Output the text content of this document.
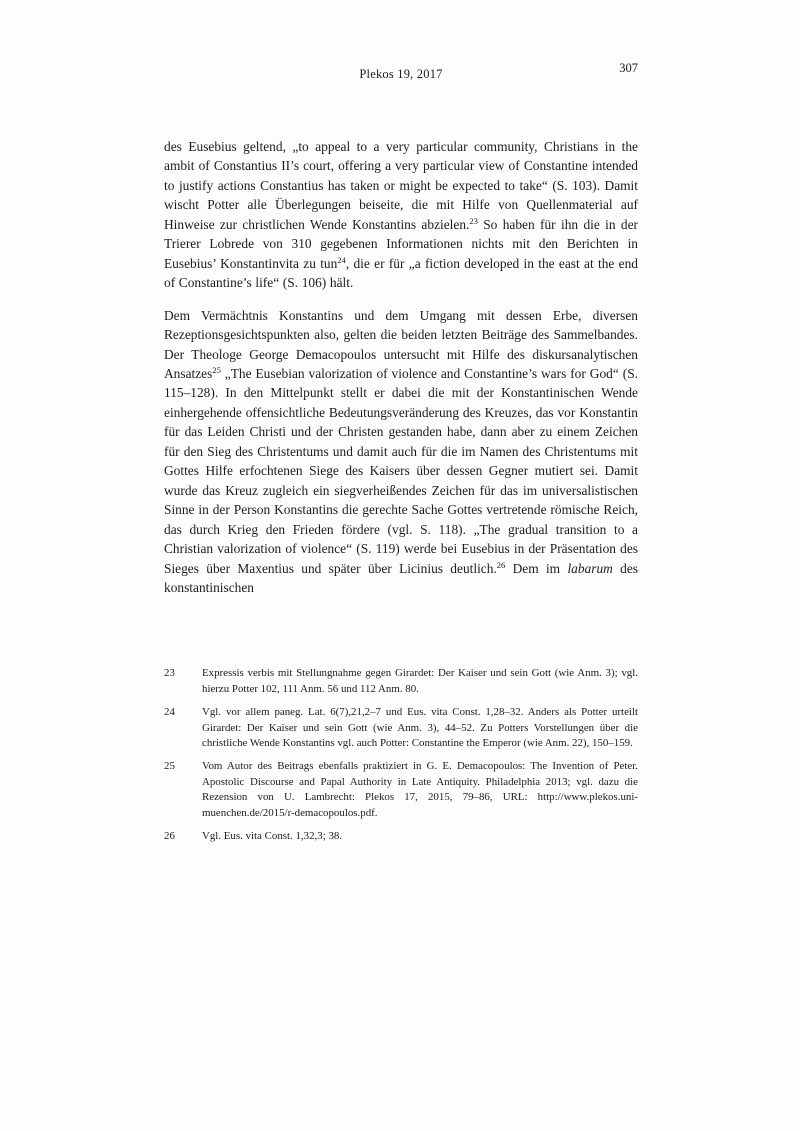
307
Plekos 19, 2017

des Eusebius geltend, „to appeal to a very particular community, Christians in the ambit of Constantius II’s court, offering a very particular view of Constantine intended to justify actions Constantius has taken or might be expected to take“ (S. 103). Damit wischt Potter alle Überlegungen beiseite, die mit Hilfe von Quellenmaterial auf Hinweise zur christlichen Wende Konstantins abzielen.$^{23}$ So haben für ihn die in der Trierer Lobrede von 310 gegebenen Informationen nichts mit den Berichten in Eusebius’ Konstantinvita zu tun$^{24}$, die er für „a fiction developed in the east at the end of Constantine’s life“ (S. 106) hält.

Dem Vermächtnis Konstantins und dem Umgang mit dessen Erbe, diversen Rezeptionsgesichtspunkten also, gelten die beiden letzten Beiträge des Sammelbandes. Der Theologe George Demacopoulos untersucht mit Hilfe des diskursanalytischen Ansatzes$^{25}$ „The Eusebian valorization of violence and Constantine’s wars for God“ (S. 115–128). In den Mittelpunkt stellt er dabei die mit der Konstantinischen Wende einhergehende offensichtliche Bedeutungsveränderung des Kreuzes, das vor Konstantin für das Leiden Christi und der Christen gestanden habe, dann aber zu einem Zeichen für den Sieg des Christentums und damit auch für die im Namen des Christentums mit Gottes Hilfe erfochtenen Siege des Kaisers über dessen Gegner mutiert sei. Damit wurde das Kreuz zugleich ein siegverheißendes Zeichen für das im universalistischen Sinne in der Person Konstantins die gerechte Sache Gottes vertretende römische Reich, das durch Krieg den Frieden fördere (vgl. S. 118). „The gradual transition to a Christian valorization of violence“ (S. 119) werde bei Eusebius in der Präsentation des Sieges über Maxentius und später über Licinius deutlich.$^{26}$ Dem im labarum des konstantinischen

23	Expressis verbis mit Stellungnahme gegen Girardet: Der Kaiser und sein Gott (wie Anm. 3); vgl. hierzu Potter 102, 111 Anm. 56 und 112 Anm. 80.
24	Vgl. vor allem paneg. Lat. 6(7),21,2–7 und Eus. vita Const. 1,28–32. Anders als Potter urteilt Girardet: Der Kaiser und sein Gott (wie Anm. 3), 44–52. Zu Potters Vorstellungen über die christliche Wende Konstantins vgl. auch Potter: Constantine the Emperor (wie Anm. 22), 150–159.
25	Vom Autor des Beitrags ebenfalls praktiziert in G. E. Demacopoulos: The Invention of Peter. Apostolic Discourse and Papal Authority in Late Antiquity. Philadelphia 2013; vgl. dazu die Rezension von U. Lambrecht: Plekos 17, 2015, 79–86, URL: http://www.plekos.uni-muenchen.de/2015/r-demacopoulos.pdf.
26	Vgl. Eus. vita Const. 1,32,3; 38.
